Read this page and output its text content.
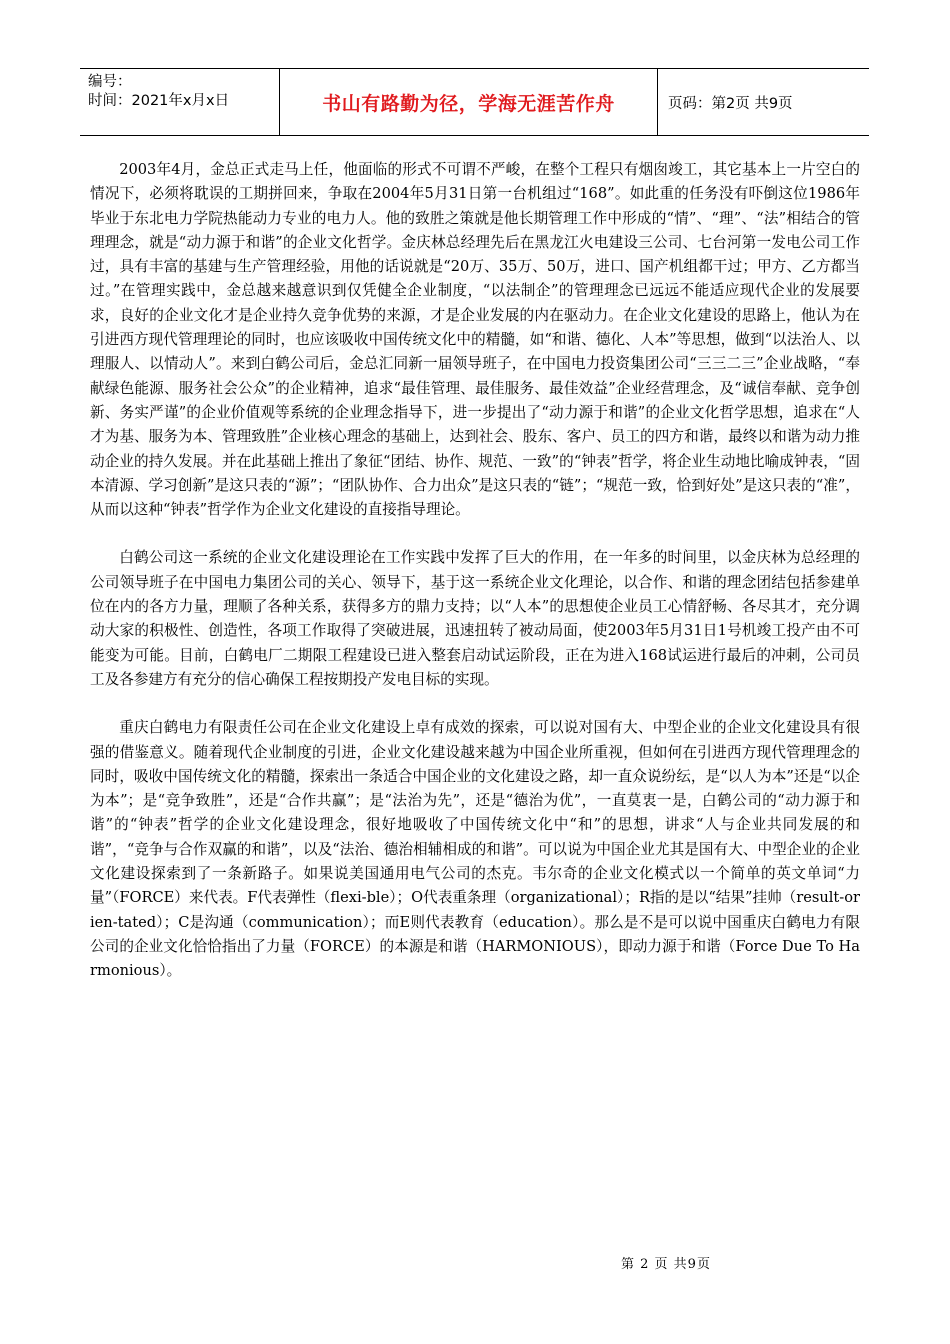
编号：
时间：2021年x月x日	书山有路勤为径，学海无涯苦作舟	页码：第2页 共9页

2003年4月，金总正式走马上任，他面临的形式不可谓不严峻，在整个工程只有烟囱竣工，其它基本上一片空白的情况下，必须将耽误的工期拼回来，争取在2004年5月31日第一台机组过“168”。如此重的任务没有吓倒这位1986年毕业于东北电力学院热能动力专业的电力人。他的致胜之策就是他长期管理工作中形成的“情”、“理”、“法”相结合的管理理念，就是“动力源于和谐”的企业文化哲学。金庆林总经理先后在黑龙江火电建设三公司、七台河第一发电公司工作过，具有丰富的基建与生产管理经验，用他的话说就是“20万、35万、50万，进口、国产机组都干过；甲方、乙方都当过。”在管理实践中，金总越来越意识到仅凭健全企业制度，“以法制企”的管理理念已远远不能适应现代企业的发展要求，良好的企业文化才是企业持久竞争优势的来源，才是企业发展的内在驱动力。在企业文化建设的思路上，他认为在引进西方现代管理理论的同时，也应该吸收中国传统文化中的精髓，如“和谐、德化、人本”等思想，做到“以法治人、以理服人、以情动人”。来到白鹤公司后，金总汇同新一届领导班子，在中国电力投资集团公司“三三二三”企业战略，“奉献绿色能源、服务社会公众”的企业精神，追求“最佳管理、最佳服务、最佳效益”企业经营理念，及“诚信奉献、竞争创新、务实严谨”的企业价值观等系统的企业理念指导下，进一步提出了“动力源于和谐”的企业文化哲学思想，追求在“人才为基、服务为本、管理致胜”企业核心理念的基础上，达到社会、股东、客户、员工的四方和谐，最终以和谐为动力推动企业的持久发展。并在此基础上推出了象征“团结、协作、规范、一致”的“钟表”哲学，将企业生动地比喻成钟表，“固本清源、学习创新”是这只表的“源”；“团队协作、合力出众”是这只表的“链”；“规范一致，恰到好处”是这只表的“准”，从而以这种“钟表”哲学作为企业文化建设的直接指导理论。

白鹤公司这一系统的企业文化建设理论在工作实践中发挥了巨大的作用，在一年多的时间里，以金庆林为总经理的公司领导班子在中国电力集团公司的关心、领导下，基于这一系统企业文化理论，以合作、和谐的理念团结包括参建单位在内的各方力量，理顺了各种关系，获得多方的鼎力支持；以“人本”的思想使企业员工心情舒畅、各尽其才，充分调动大家的积极性、创造性，各项工作取得了突破进展，迅速扭转了被动局面，使2003年5月31日1号机竣工投产由不可能变为可能。目前，白鹤电厂二期限工程建设已进入整套启动试运阶段，正在为进入168试运进行最后的冲刺，公司员工及各参建方有充分的信心确保工程按期投产发电目标的实现。

重庆白鹤电力有限责任公司在企业文化建设上卓有成效的探索，可以说对国有大、中型企业的企业文化建设具有很强的借鉴意义。随着现代企业制度的引进，企业文化建设越来越为中国企业所重视，但如何在引进西方现代管理理念的同时，吸收中国传统文化的精髓，探索出一条适合中国企业的文化建设之路，却一直众说纷纭，是“以人为本”还是“以企为本”；是“竞争致胜”，还是“合作共赢”；是“法治为先”，还是“德治为优”，一直莫衷一是，白鹤公司的“动力源于和谐”的“钟表”哲学的企业文化建设理念，很好地吸收了中国传统文化中“和”的思想，讲求“人与企业共同发展的和谐”，“竞争与合作双赢的和谐”，以及“法治、德治相辅相成的和谐”。可以说为中国企业尤其是国有大、中型企业的企业文化建设探索到了一条新路子。如果说美国通用电气公司的杰克。韦尔奇的企业文化模式以一个简单的英文单词“力量”（FORCE）来代表。F代表弹性（flexi-ble）；O代表重条理（organizational）；R指的是以“结果”挂帅（result-orien-tated）；C是沟通（communication）；而E则代表教育（education）。那么是不是可以说中国重庆白鹤电力有限公司的企业文化恰恰指出了力量（FORCE）的本源是和谐（HARMONIOUS），即动力源于和谐（Force Due To Harmonious）。

第 2 页 共9页
